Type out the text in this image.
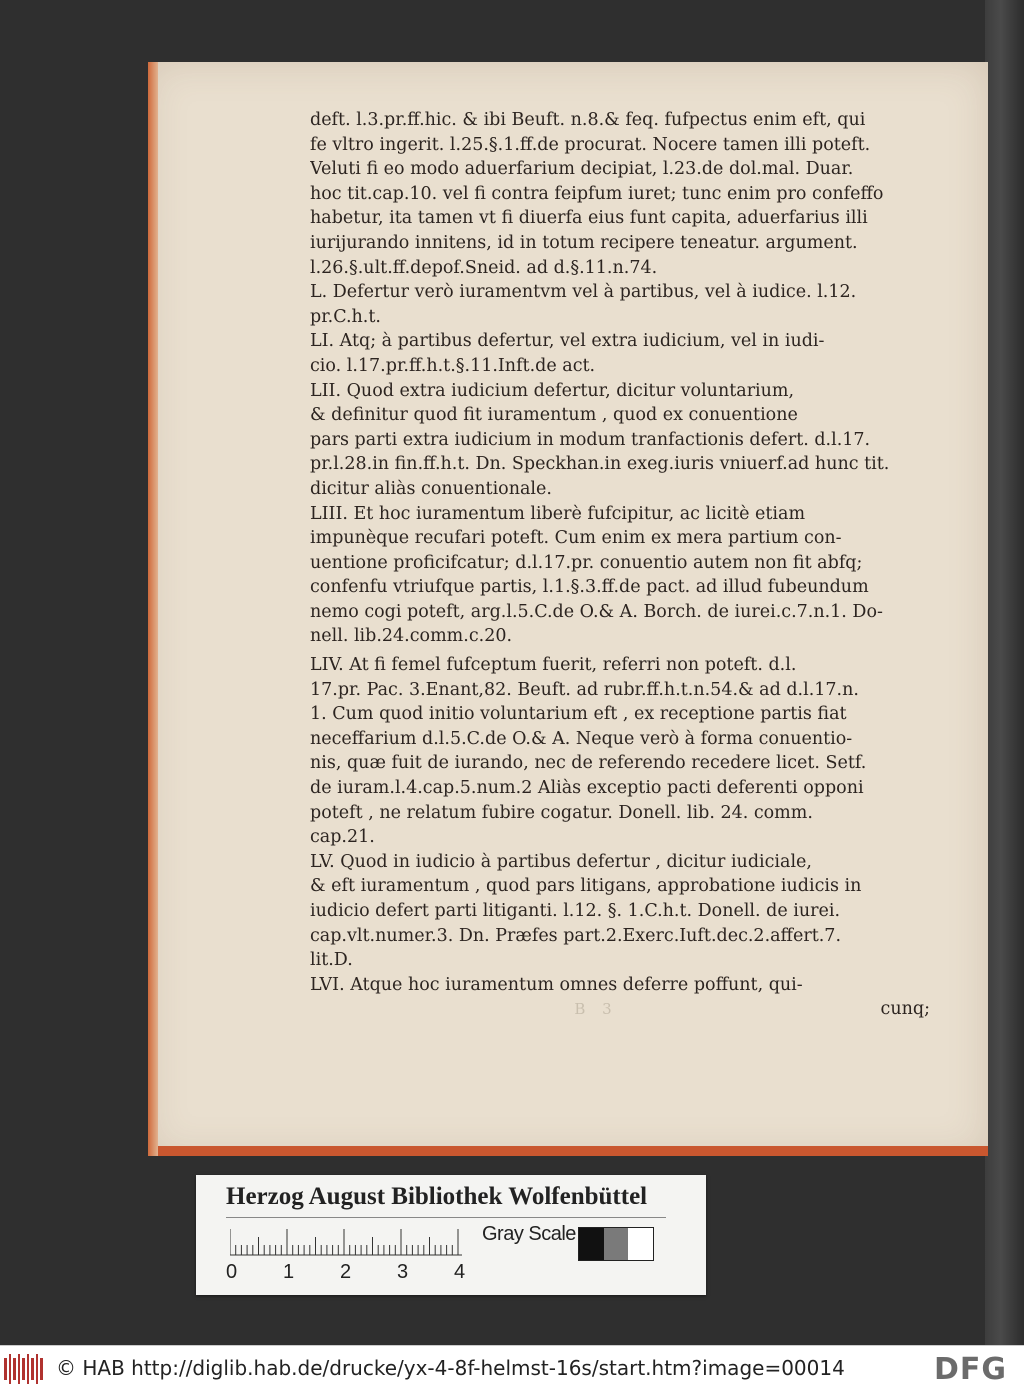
deft. l.3.pr.ff.hic. & ibi Beuft. n.8.& feq. fufpectus enim eft, qui
fe vltro ingerit. l.25.§.1.ff.de procurat. Nocere tamen illi poteft.
Veluti fi eo modo aduerfarium decipiat, l.23.de dol.mal. Duar.
hoc tit.cap.10. vel fi contra feipfum iuret; tunc enim pro confeffo
habetur, ita tamen vt fi diuerfa eius funt capita, aduerfarius illi
iurijurando innitens, id in totum recipere teneatur. argument.
l.26.§.ult.ff.depof.Sneid. ad d.§.11.n.74.
L. Defertur verò iuramentvm vel à partibus, vel à iudice. l.12.
pr.C.h.t.
LI. Atq; à partibus defertur, vel extra iudicium, vel in iudi-
cio. l.17.pr.ff.h.t.§.11.Inft.de act.
LII. Quod extra iudicium defertur, dicitur voluntarium,
& definitur quod fit iuramentum , quod ex conuentione
pars parti extra iudicium in modum tranfactionis defert. d.l.17.
pr.l.28.in fin.ff.h.t. Dn. Speckhan.in exeg.iuris vniuerf.ad hunc tit.
dicitur aliàs conuentionale.
LIII. Et hoc iuramentum liberè fufcipitur, ac licitè etiam
impunèque recufari poteft. Cum enim ex mera partium con-
uentione proficifcatur; d.l.17.pr. conuentio autem non fit abfq;
confenfu vtriufque partis, l.1.§.3.ff.de pact. ad illud fubeundum
nemo cogi poteft, arg.l.5.C.de O.& A. Borch. de iurei.c.7.n.1. Do-
nell. lib.24.comm.c.20.
LIV. At fi femel fufceptum fuerit, referri non poteft. d.l.
17.pr. Pac. 3.Enant,82. Beuft. ad rubr.ff.h.t.n.54.& ad d.l.17.n.
1. Cum quod initio voluntarium eft , ex receptione partis fiat
neceffarium d.l.5.C.de O.& A. Neque verò à forma conuentio-
nis, quæ fuit de iurando, nec de referendo recedere licet. Setf.
de iuram.l.4.cap.5.num.2 Aliàs exceptio pacti deferenti opponi
poteft , ne relatum fubire cogatur. Donell. lib. 24. comm.
cap.21.
LV. Quod in iudicio à partibus defertur , dicitur iudiciale,
& eft iuramentum , quod pars litigans, approbatione iudicis in
iudicio defert parti litiganti. l.12. §. 1.C.h.t. Donell. de iurei.
cap.vlt.numer.3. Dn. Præfes part.2.Exerc.Iuft.dec.2.affert.7.
lit.D.
LVI. Atque hoc iuramentum omnes deferre poffunt, qui-
cunq;
B 3
Herzog August Bibliothek Wolfenbüttel
0 1 2 3 4
Gray Scale
© HAB http://diglib.hab.de/drucke/yx-4-8f-helmst-16s/start.htm?image=00014	DFG
